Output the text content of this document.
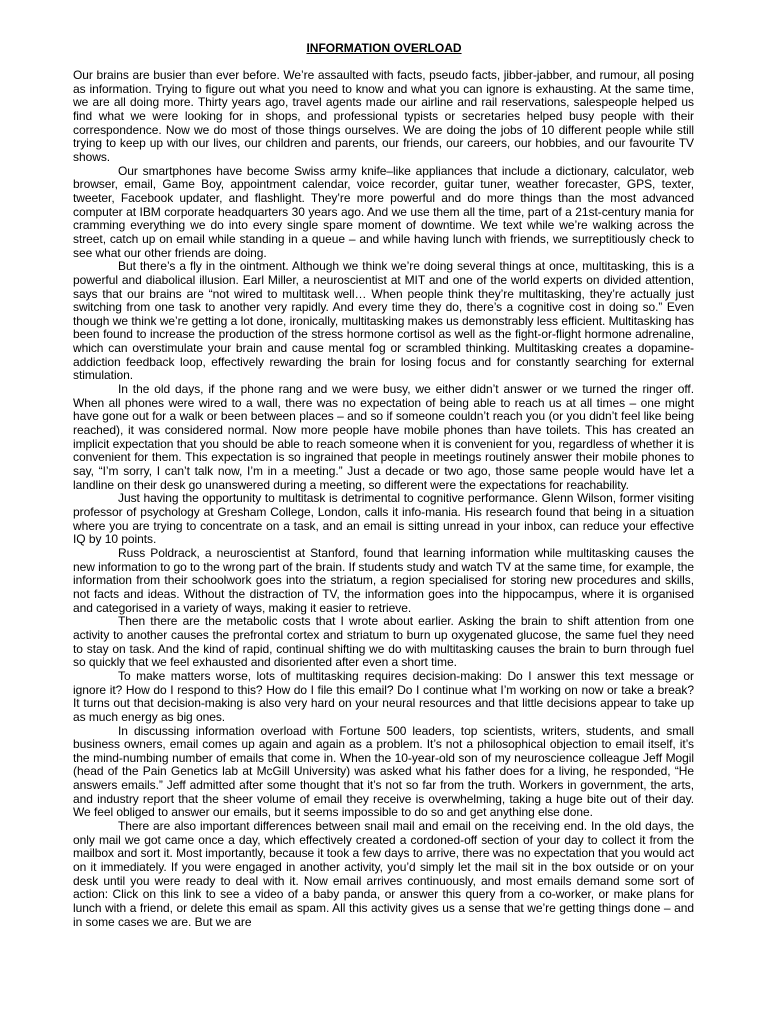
INFORMATION OVERLOAD

Our brains are busier than ever before. We’re assaulted with facts, pseudo facts, jibber-jabber, and rumour, all posing as information. Trying to figure out what you need to know and what you can ignore is exhausting. At the same time, we are all doing more. Thirty years ago, travel agents made our airline and rail reservations, salespeople helped us find what we were looking for in shops, and professional typists or secretaries helped busy people with their correspondence. Now we do most of those things ourselves. We are doing the jobs of 10 different people while still trying to keep up with our lives, our children and parents, our friends, our careers, our hobbies, and our favourite TV shows.

Our smartphones have become Swiss army knife–like appliances that include a dictionary, calculator, web browser, email, Game Boy, appointment calendar, voice recorder, guitar tuner, weather forecaster, GPS, texter, tweeter, Facebook updater, and flashlight. They’re more powerful and do more things than the most advanced computer at IBM corporate headquarters 30 years ago. And we use them all the time, part of a 21st-century mania for cramming everything we do into every single spare moment of downtime. We text while we’re walking across the street, catch up on email while standing in a queue – and while having lunch with friends, we surreptitiously check to see what our other friends are doing.

But there’s a fly in the ointment. Although we think we’re doing several things at once, multitasking, this is a powerful and diabolical illusion. Earl Miller, a neuroscientist at MIT and one of the world experts on divided attention, says that our brains are “not wired to multitask well… When people think they’re multitasking, they’re actually just switching from one task to another very rapidly. And every time they do, there’s a cognitive cost in doing so.” Even though we think we’re getting a lot done, ironically, multitasking makes us demonstrably less efficient. Multitasking has been found to increase the production of the stress hormone cortisol as well as the fight-or-flight hormone adrenaline, which can overstimulate your brain and cause mental fog or scrambled thinking. Multitasking creates a dopamine-addiction feedback loop, effectively rewarding the brain for losing focus and for constantly searching for external stimulation.

In the old days, if the phone rang and we were busy, we either didn’t answer or we turned the ringer off. When all phones were wired to a wall, there was no expectation of being able to reach us at all times – one might have gone out for a walk or been between places – and so if someone couldn’t reach you (or you didn’t feel like being reached), it was considered normal. Now more people have mobile phones than have toilets. This has created an implicit expectation that you should be able to reach someone when it is convenient for you, regardless of whether it is convenient for them. This expectation is so ingrained that people in meetings routinely answer their mobile phones to say, “I’m sorry, I can’t talk now, I’m in a meeting.” Just a decade or two ago, those same people would have let a landline on their desk go unanswered during a meeting, so different were the expectations for reachability.

Just having the opportunity to multitask is detrimental to cognitive performance. Glenn Wilson, former visiting professor of psychology at Gresham College, London, calls it info-mania. His research found that being in a situation where you are trying to concentrate on a task, and an email is sitting unread in your inbox, can reduce your effective IQ by 10 points.

Russ Poldrack, a neuroscientist at Stanford, found that learning information while multitasking causes the new information to go to the wrong part of the brain. If students study and watch TV at the same time, for example, the information from their schoolwork goes into the striatum, a region specialised for storing new procedures and skills, not facts and ideas. Without the distraction of TV, the information goes into the hippocampus, where it is organised and categorised in a variety of ways, making it easier to retrieve.

Then there are the metabolic costs that I wrote about earlier. Asking the brain to shift attention from one activity to another causes the prefrontal cortex and striatum to burn up oxygenated glucose, the same fuel they need to stay on task. And the kind of rapid, continual shifting we do with multitasking causes the brain to burn through fuel so quickly that we feel exhausted and disoriented after even a short time.

To make matters worse, lots of multitasking requires decision-making: Do I answer this text message or ignore it? How do I respond to this? How do I file this email? Do I continue what I’m working on now or take a break? It turns out that decision-making is also very hard on your neural resources and that little decisions appear to take up as much energy as big ones.

In discussing information overload with Fortune 500 leaders, top scientists, writers, students, and small business owners, email comes up again and again as a problem. It’s not a philosophical objection to email itself, it’s the mind-numbing number of emails that come in. When the 10-year-old son of my neuroscience colleague Jeff Mogil (head of the Pain Genetics lab at McGill University) was asked what his father does for a living, he responded, “He answers emails.” Jeff admitted after some thought that it’s not so far from the truth. Workers in government, the arts, and industry report that the sheer volume of email they receive is overwhelming, taking a huge bite out of their day. We feel obliged to answer our emails, but it seems impossible to do so and get anything else done.

There are also important differences between snail mail and email on the receiving end. In the old days, the only mail we got came once a day, which effectively created a cordoned-off section of your day to collect it from the mailbox and sort it. Most importantly, because it took a few days to arrive, there was no expectation that you would act on it immediately. If you were engaged in another activity, you’d simply let the mail sit in the box outside or on your desk until you were ready to deal with it. Now email arrives continuously, and most emails demand some sort of action: Click on this link to see a video of a baby panda, or answer this query from a co-worker, or make plans for lunch with a friend, or delete this email as spam. All this activity gives us a sense that we’re getting things done – and in some cases we are. But we are
